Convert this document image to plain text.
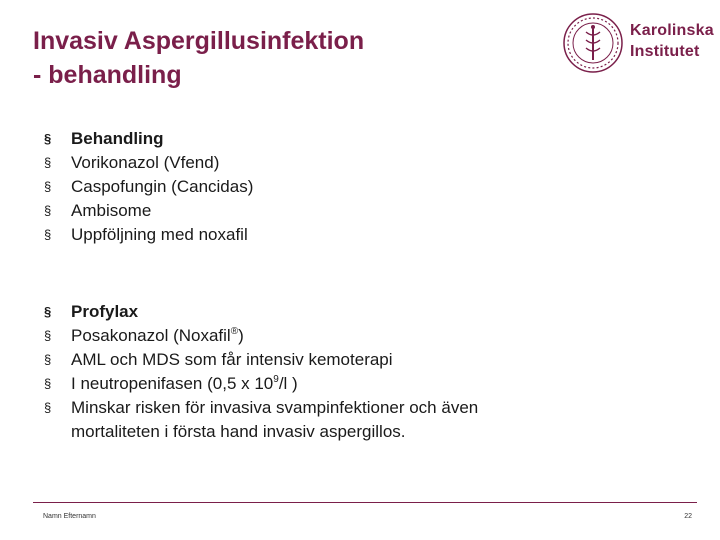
Invasiv Aspergillusinfektion
- behandling
Karolinska
Institutet
§ Behandling
§ Vorikonazol (Vfend)
§ Caspofungin (Cancidas)
§ Ambisome
§ Uppföljning med noxafil
§ Profylax
§ Posakonazol (Noxafil®)
§ AML och MDS som får intensiv kemoterapi
§ I neutropenifasen (0,5 x $10^9/l$ )
§ Minskar risken för invasiva svampinfektioner och även
mortaliteten i första hand invasiv aspergillos.
Namn Efternamn	22
